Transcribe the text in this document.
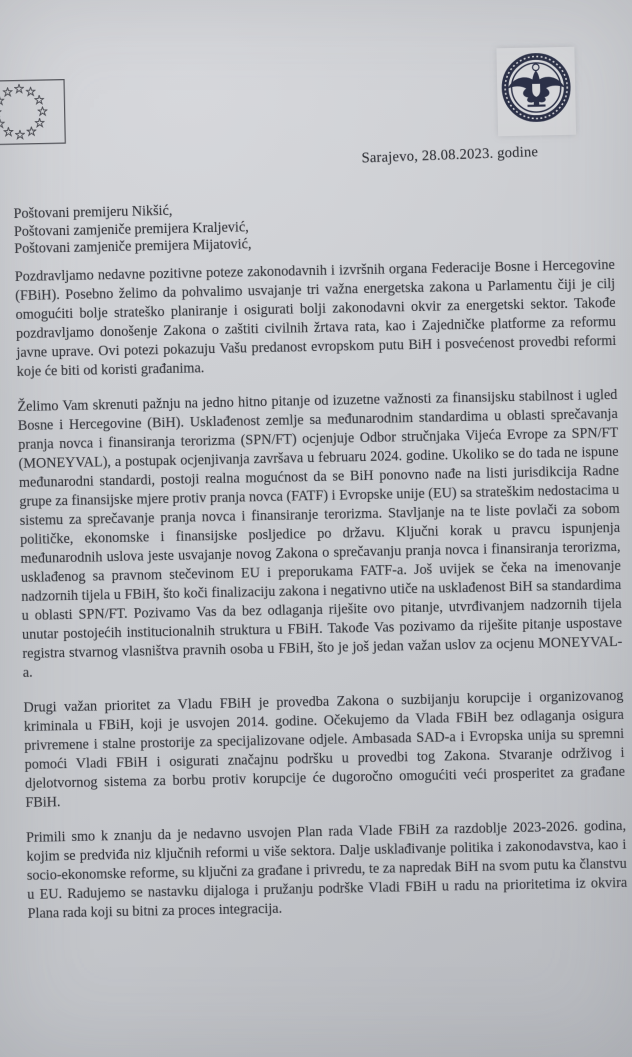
Sarajevo, 28.08.2023. godine
Poštovani premijeru Nikšić,
Poštovani zamjeniče premijera Kraljević,
Poštovani zamjeniče premijera Mijatović,

Pozdravljamo nedavne pozitivne poteze zakonodavnih i izvršnih organa Federacije Bosne i Hercegovine (FBiH). Posebno želimo da pohvalimo usvajanje tri važna energetska zakona u Parlamentu čiji je cilj omogućiti bolje strateško planiranje i osigurati bolji zakonodavni okvir za energetski sektor. Takođe pozdravljamo donošenje Zakona o zaštiti civilnih žrtava rata, kao i Zajedničke platforme za reformu javne uprave. Ovi potezi pokazuju Vašu predanost evropskom putu BiH i posvećenost provedbi reformi koje će biti od koristi građanima.

Želimo Vam skrenuti pažnju na jedno hitno pitanje od izuzetne važnosti za finansijsku stabilnost i ugled Bosne i Hercegovine (BiH). Usklađenost zemlje sa međunarodnim standardima u oblasti sprečavanja pranja novca i finansiranja terorizma (SPN/FT) ocjenjuje Odbor stručnjaka Vijeća Evrope za SPN/FT (MONEYVAL), a postupak ocjenjivanja završava u februaru 2024. godine. Ukoliko se do tada ne ispune međunarodni standardi, postoji realna mogućnost da se BiH ponovno nađe na listi jurisdikcija Radne grupe za finansijske mjere protiv pranja novca (FATF) i Evropske unije (EU) sa strateškim nedostacima u sistemu za sprečavanje pranja novca i finansiranje terorizma. Stavljanje na te liste povlači za sobom političke, ekonomske i finansijske posljedice po državu. Ključni korak u pravcu ispunjenja međunarodnih uslova jeste usvajanje novog Zakona o sprečavanju pranja novca i finansiranja terorizma, usklađenog sa pravnom stečevinom EU i preporukama FATF-a. Još uvijek se čeka na imenovanje nadzornih tijela u FBiH, što koči finalizaciju zakona i negativno utiče na usklađenost BiH sa standardima u oblasti SPN/FT. Pozivamo Vas da bez odlaganja riješite ovo pitanje, utvrđivanjem nadzornih tijela unutar postojećih institucionalnih struktura u FBiH. Takođe Vas pozivamo da riješite pitanje uspostave registra stvarnog vlasništva pravnih osoba u FBiH, što je još jedan važan uslov za ocjenu MONEYVAL-a.

Drugi važan prioritet za Vladu FBiH je provedba Zakona o suzbijanju korupcije i organizovanog kriminala u FBiH, koji je usvojen 2014. godine. Očekujemo da Vlada FBiH bez odlaganja osigura privremene i stalne prostorije za specijalizovane odjele. Ambasada SAD-a i Evropska unija su spremni pomoći Vladi FBiH i osigurati značajnu podršku u provedbi tog Zakona. Stvaranje održivog i djelotvornog sistema za borbu protiv korupcije će dugoročno omogućiti veći prosperitet za građane FBiH.

Primili smo k znanju da je nedavno usvojen Plan rada Vlade FBiH za razdoblje 2023-2026. godina, kojim se predviđa niz ključnih reformi u više sektora. Dalje usklađivanje politika i zakonodavstva, kao i socio-ekonomske reforme, su ključni za građane i privredu, te za napredak BiH na svom putu ka članstvu u EU. Radujemo se nastavku dijaloga i pružanju podrške Vladi FBiH u radu na prioritetima iz okvira Plana rada koji su bitni za proces integracija.
